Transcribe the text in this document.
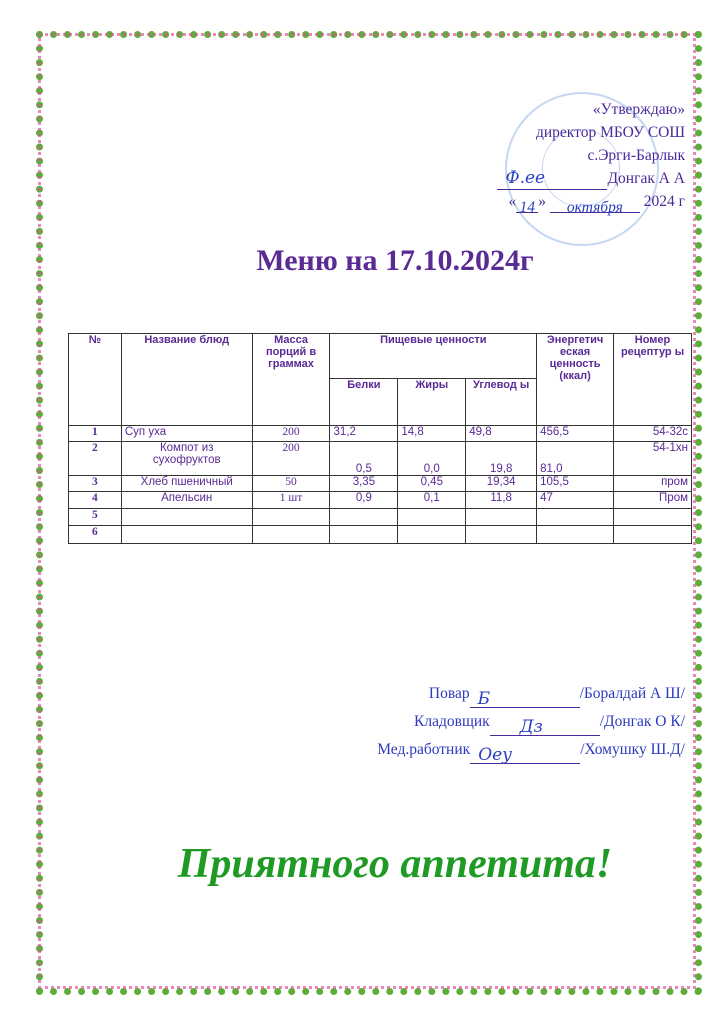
«Утверждаю»
директор МБОУ СОШ
с.Эрги-Барлык
Ф.ее	Донгак А А
« 14 » октября 2024 г
Меню на 17.10.2024г
№	Название блюд	Масса порций в граммах	Пищевые ценности			Энергетич еская ценность (ккал)	Номер рецептур ы
			Белки	Жиры	Углевод ы		
1	Суп уха	200	31,2	14,8	49,8	456,5	54-32с
2	Компот из сухофруктов	200	0,5	0,0	19,8	81,0	54-1хн
3	Хлеб пшеничный	50	3,35	0,45	19,34	105,5	пром
4	Апельсин	1 шт	0,9	0,1	11,8	47	Пром
5							
6							
Повар Б	/Боралдай А Ш/
Кладовщик Дз	/Донгак О К/
Мед.работник Оey	/Хомушку Ш.Д/
Приятного аппетита!
